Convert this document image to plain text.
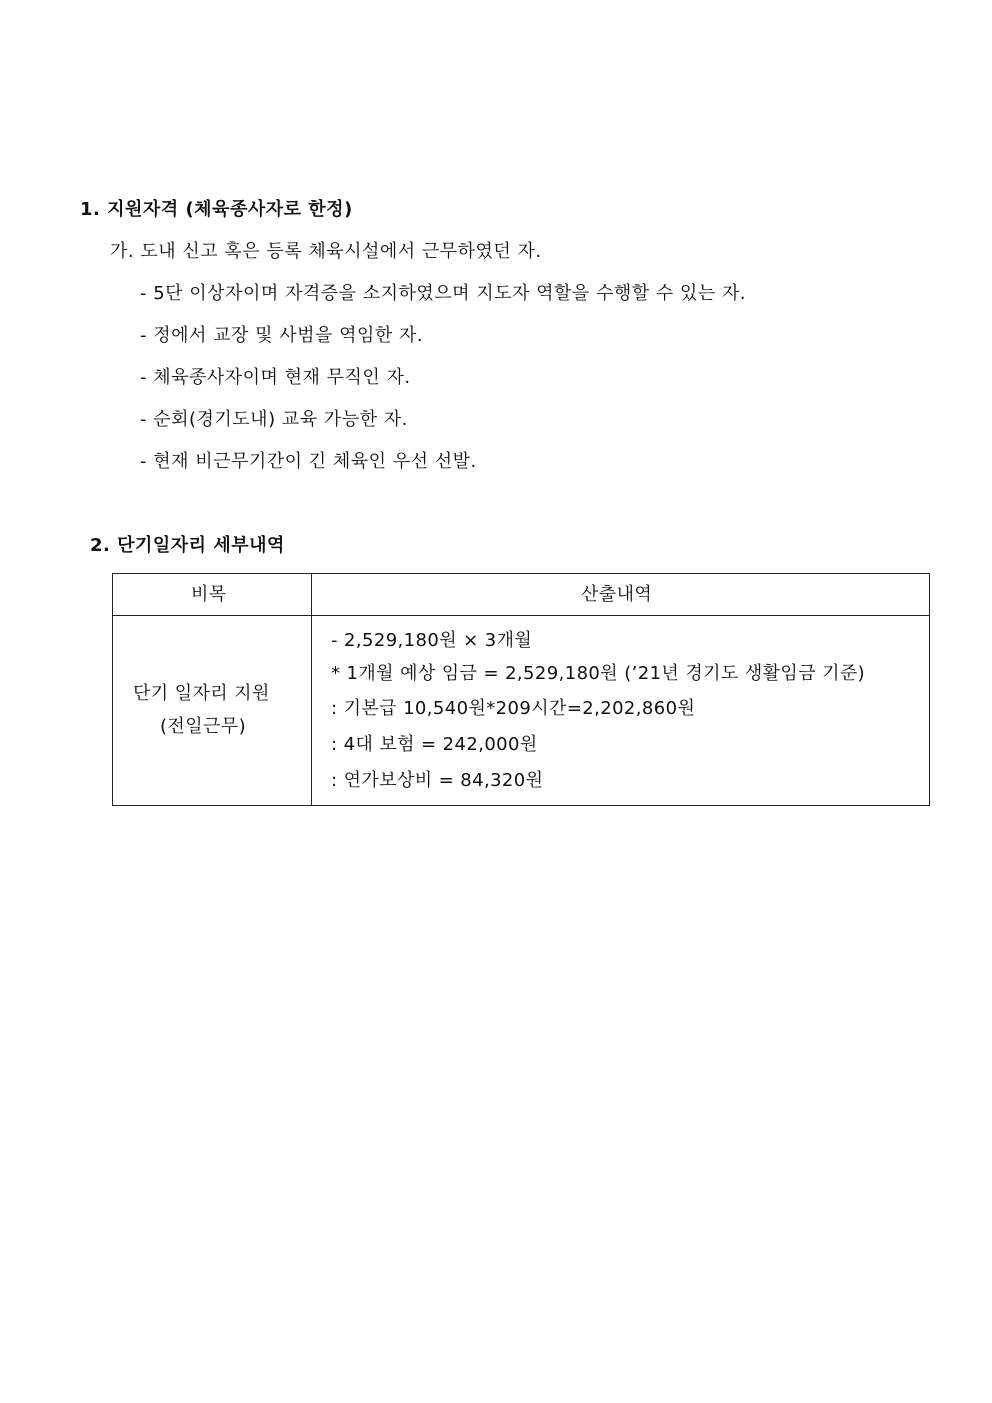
1. 지원자격 (체육종사자로 한정)
가. 도내 신고 혹은 등록 체육시설에서 근무하였던 자.
- 5단 이상자이며 자격증을 소지하였으며 지도자 역할을 수행할 수 있는 자.
- 정에서 교장 및 사범을 역임한 자.
- 체육종사자이며 현재 무직인 자.
- 순회(경기도내) 교육 가능한 자.
- 현재 비근무기간이 긴 체육인 우선 선발.
2. 단기일자리 세부내역
비목	산출내역
단기 일자리 지원
(전일근무)
- 2,529,180원 × 3개월
* 1개월 예상 임금 = 2,529,180원 (’21년 경기도 생활임금 기준)
: 기본급 10,540원*209시간=2,202,860원
: 4대 보험 = 242,000원
: 연가보상비 = 84,320원
